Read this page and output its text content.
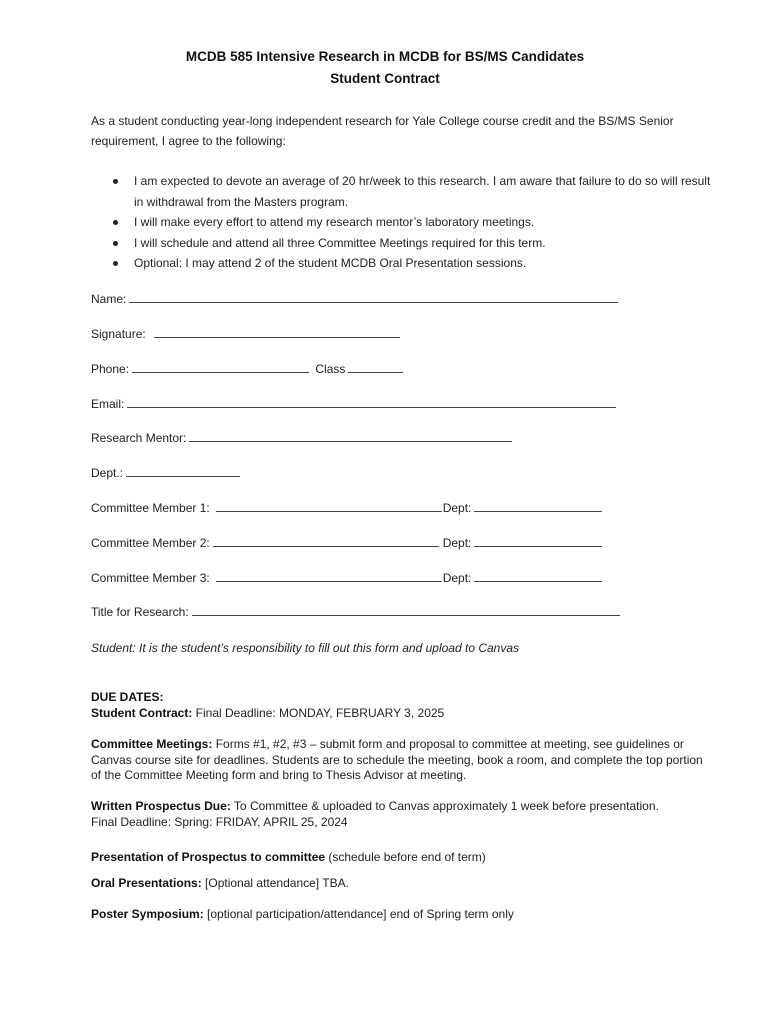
MCDB 585 Intensive Research in MCDB for BS/MS Candidates
Student Contract
As a student conducting year-long independent research for Yale College course credit and the BS/MS Senior requirement, I agree to the following:
I am expected to devote an average of 20 hr/week to this research. I am aware that failure to do so will result in withdrawal from the Masters program.
I will make every effort to attend my research mentor’s laboratory meetings.
I will schedule and attend all three Committee Meetings required for this term.
Optional: I may attend 2 of the student MCDB Oral Presentation sessions.
Name:
Signature:
Phone:	Class
Email:
Research Mentor:
Dept.:
Committee Member 1:	Dept:
Committee Member 2:	Dept:
Committee Member 3:	Dept:
Title for Research:
Student: It is the student’s responsibility to fill out this form and upload to Canvas
DUE DATES:
Student Contract: Final Deadline: MONDAY, FEBRUARY 3, 2025
Committee Meetings: Forms #1, #2, #3 – submit form and proposal to committee at meeting, see guidelines or Canvas course site for deadlines. Students are to schedule the meeting, book a room, and complete the top portion of the Committee Meeting form and bring to Thesis Advisor at meeting.
Written Prospectus Due: To Committee & uploaded to Canvas approximately 1 week before presentation.
Final Deadline: Spring: FRIDAY, APRIL 25, 2024
Presentation of Prospectus to committee (schedule before end of term)
Oral Presentations: [Optional attendance] TBA.
Poster Symposium: [optional participation/attendance] end of Spring term only
